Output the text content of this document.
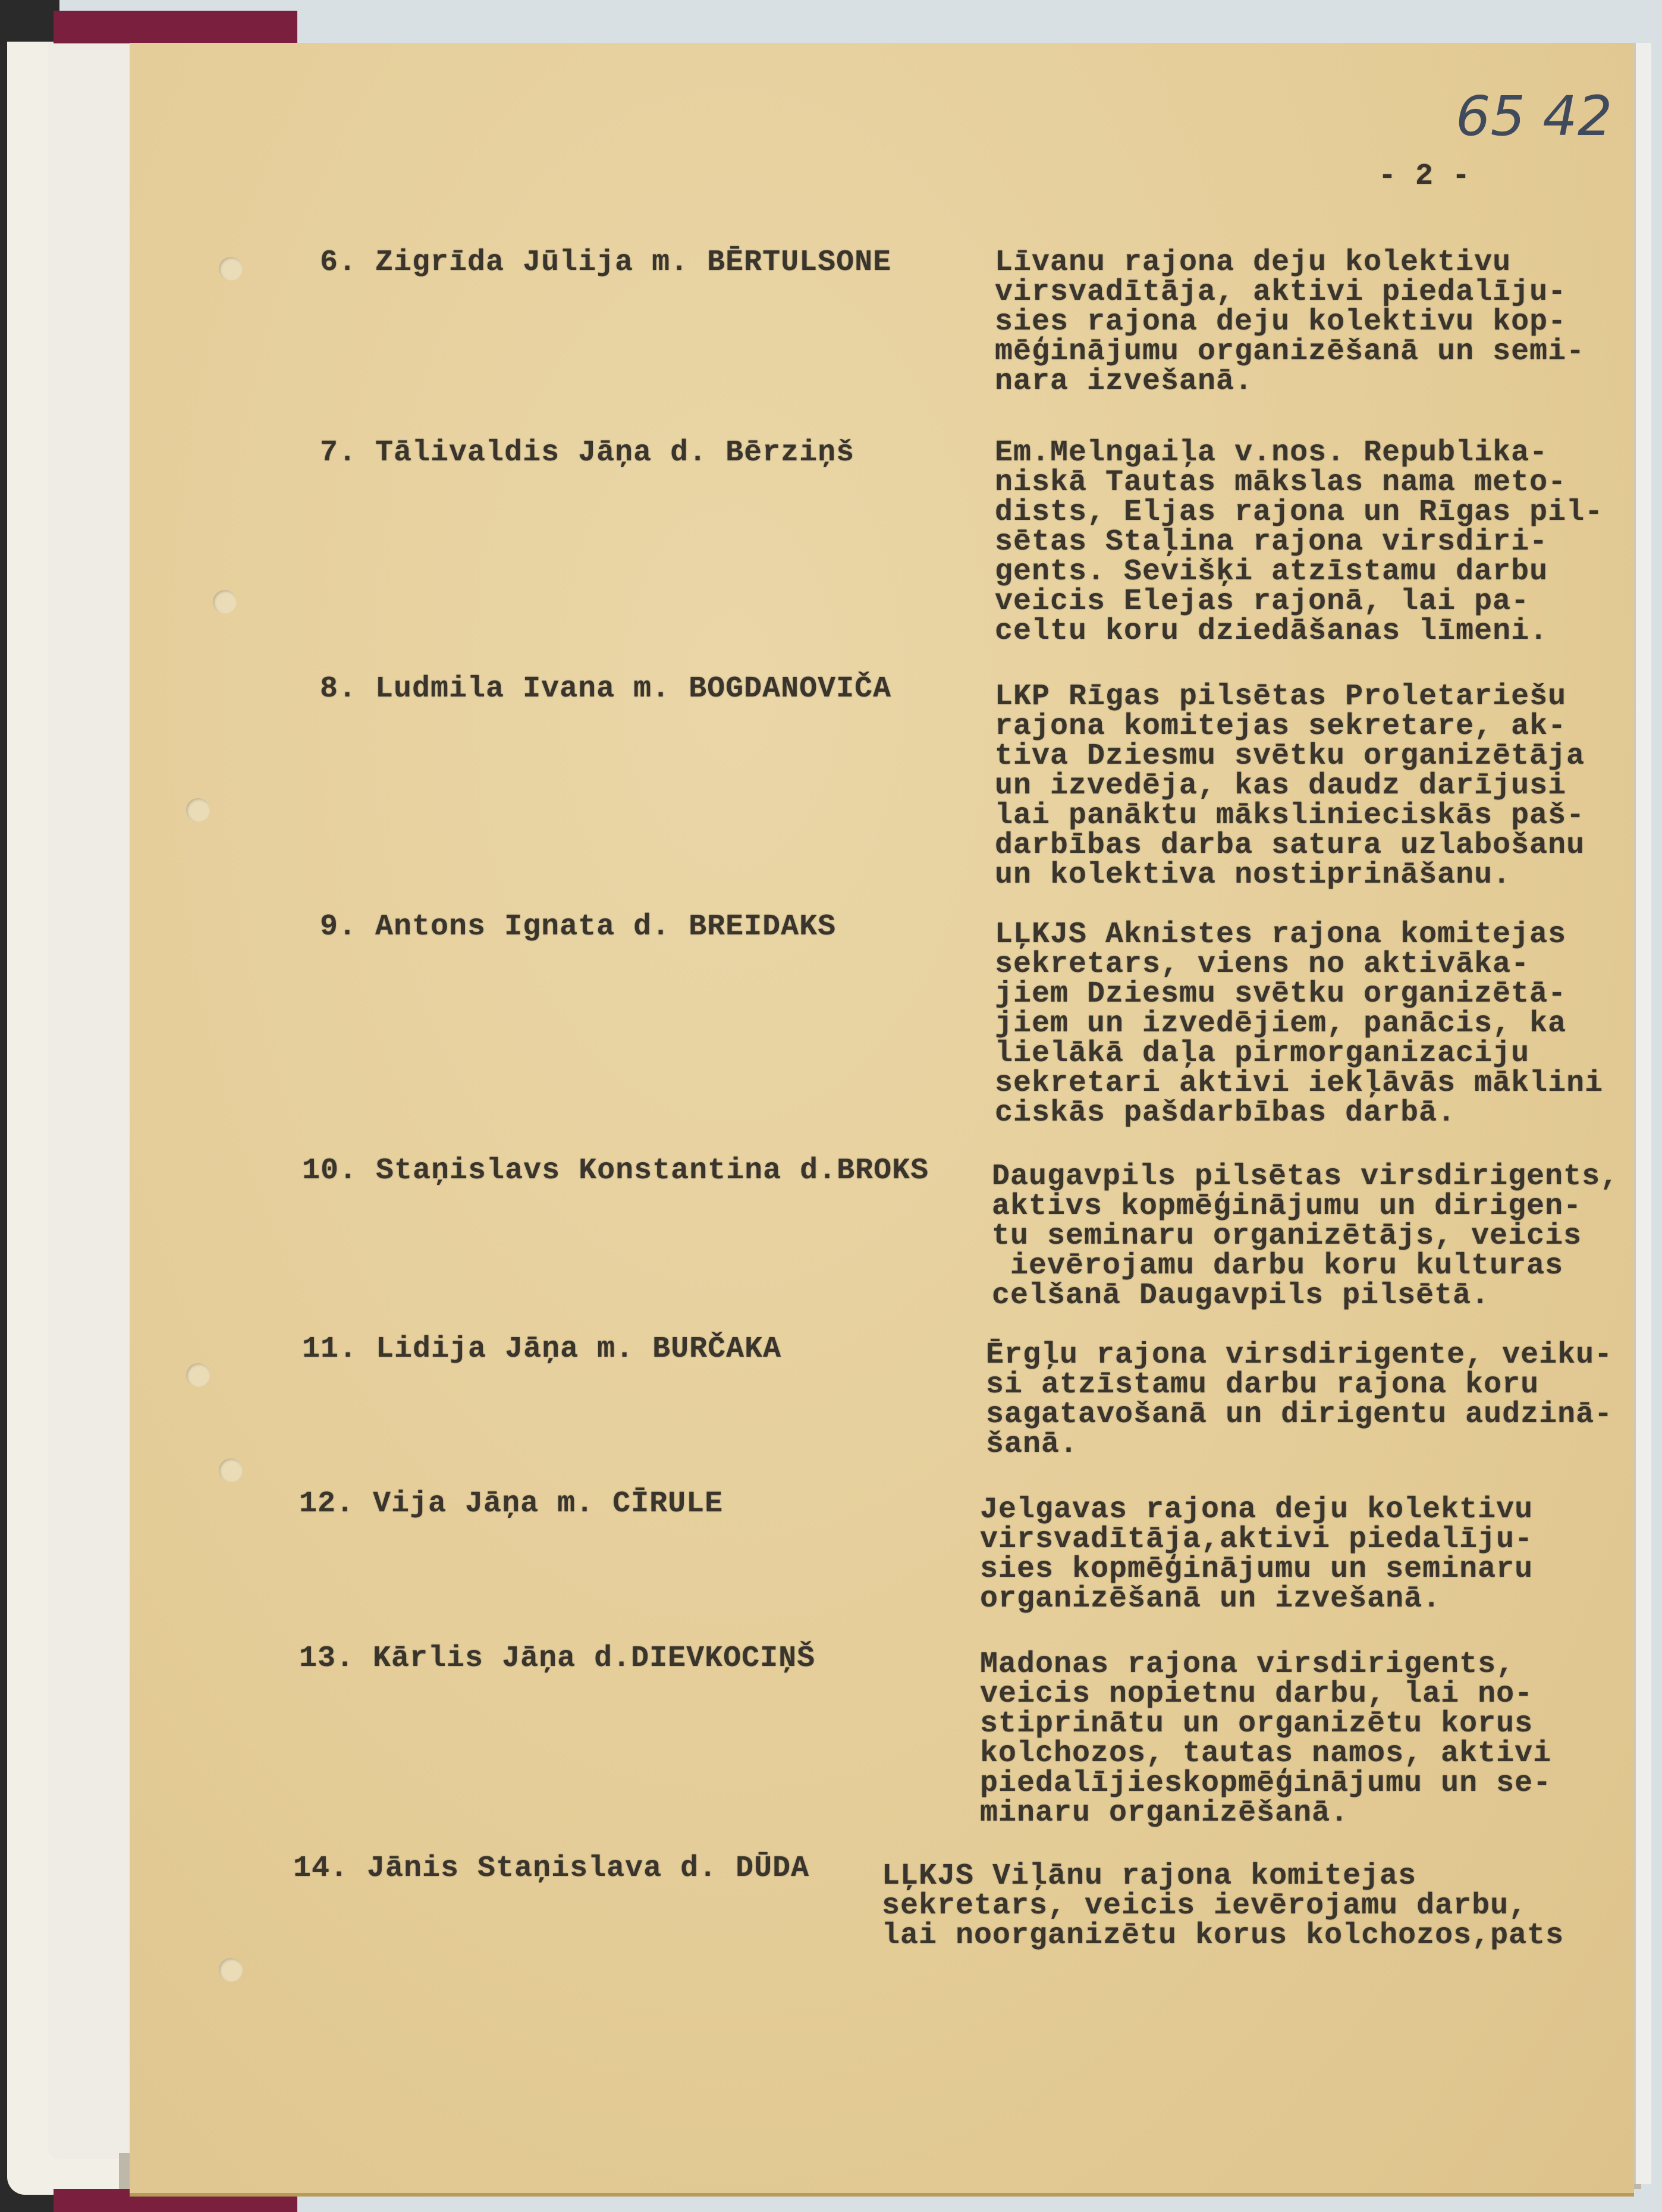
65 42
- 2 -
6. Zigrīda Jūlija m. BĒRTULSONE	Līvanu rajona deju kolektivu
virsvadītāja, aktivi piedalīju-
sies rajona deju kolektivu kop-
mēģinājumu organizēšanā un semi-
nara izvešanā.
7. Tālivaldis Jāņa d. Bērziņš	Em.Melngaiļa v.nos. Republika-
niskā Tautas mākslas nama meto-
dists, Eljas rajona un Rīgas pil-
sētas Staļina rajona virsdiri-
gents. Sevišķi atzīstamu darbu
veicis Elejas rajonā, lai pa-
celtu koru dziedāšanas līmeni.
8. Ludmila Ivana m. BOGDANOVIČA	LKP Rīgas pilsētas Proletariešu
rajona komitejas sekretare, ak-
tiva Dziesmu svētku organizētāja
un izvedēja, kas daudz darījusi
lai panāktu mākslinieciskās paš-
darbības darba satura uzlabošanu
un kolektiva nostiprināšanu.
9. Antons Ignata d. BREIDAKS	LĻKJS Aknistes rajona komitejas
sekretars, viens no aktivāka-
jiem Dziesmu svētku organizētā-
jiem un izvedējiem, panācis, ka
lielākā daļa pirmorganizaciju
sekretari aktivi iekļāvās māklini
ciskās pašdarbības darbā.
10. Staņislavs Konstantina d.BROKS Daugavpils pilsētas virsdirigents,
aktivs kopmēģinājumu un dirigen-
tu seminaru organizētājs, veicis
ievērojamu darbu koru kulturas
celšanā Daugavpils pilsētā.
11. Lidija Jāņa m. BURČAKA	Ērgļu rajona virsdirigente, veiku-
si atzīstamu darbu rajona koru
sagatavošanā un dirigentu audzinā-
šanā.
12. Vija Jāņa m. CĪRULE	Jelgavas rajona deju kolektivu
virsvadītāja,aktivi piedalīju-
sies kopmēģinājumu un seminaru
organizēšanā un izvešanā.
13. Kārlis Jāņa d.DIEVKOCIŅŠ	Madonas rajona virsdirigents,
veicis nopietnu darbu, lai no-
stiprinātu un organizētu korus
kolchozos, tautas namos, aktivi
piedalījieskopmēģinājumu un se-
minaru organizēšanā.
14. Jānis Staņislava d. DŪDA LĻKJS Viļānu rajona komitejas
sekretars, veicis ievērojamu darbu,
lai noorganizētu korus kolchozos,pats
